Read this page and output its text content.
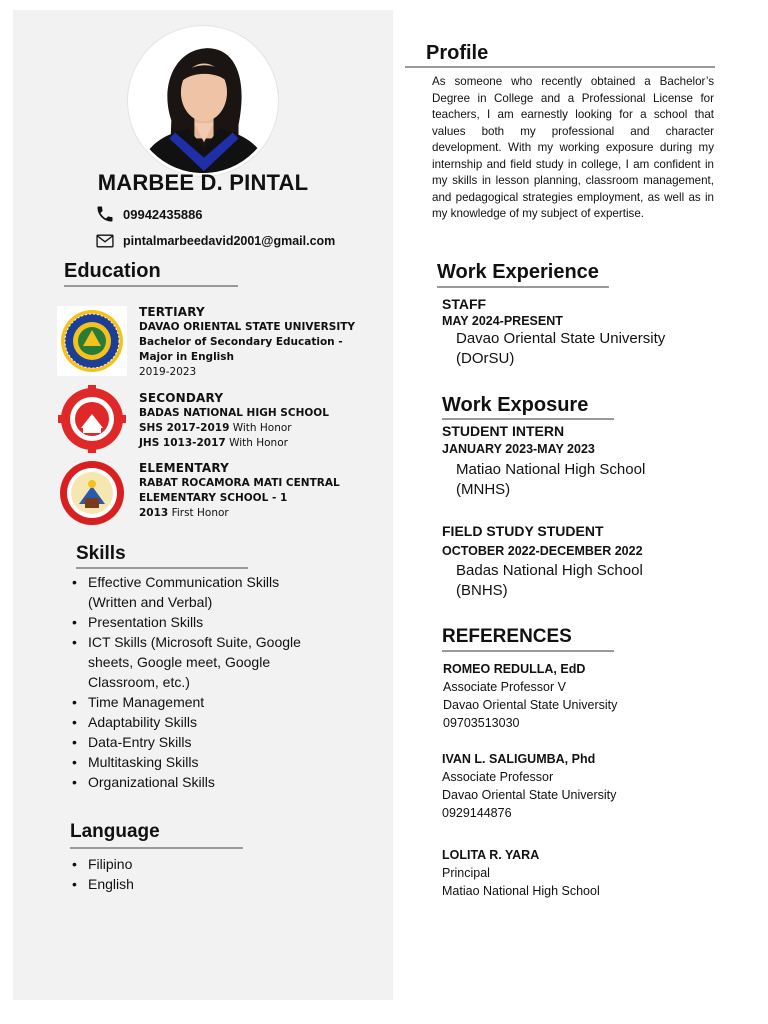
MARBEE D. PINTAL
09942435886
pintalmarbeedavid2001@gmail.com
Education
TERTIARY
DAVAO ORIENTAL STATE UNIVERSITY
Bachelor of Secondary Education -
Major in English
2019-2023
SECONDARY
BADAS NATIONAL HIGH SCHOOL
SHS 2017-2019 With Honor
JHS 1013-2017 With Honor
ELEMENTARY
RABAT ROCAMORA MATI CENTRAL
ELEMENTARY SCHOOL - 1
2013 First Honor
Skills
• Effective Communication Skills
(Written and Verbal)
• Presentation Skills
• ICT Skills (Microsoft Suite, Google
sheets, Google meet, Google
Classroom, etc.)
• Time Management
• Adaptability Skills
• Data-Entry Skills
• Multitasking Skills
• Organizational Skills
Language
• Filipino
• English
Profile
As someone who recently obtained a Bachelor’s Degree in College and a Professional License for teachers, I am earnestly looking for a school that values both my professional and character development. With my working exposure during my internship and field study in college, I am confident in my skills in lesson planning, classroom management, and pedagogical strategies employment, as well as in my knowledge of my subject of expertise.
Work Experience
STAFF
MAY 2024-PRESENT
Davao Oriental State University
(DOrSU)
Work Exposure
STUDENT INTERN
JANUARY 2023-MAY 2023
Matiao National High School
(MNHS)
FIELD STUDY STUDENT
OCTOBER 2022-DECEMBER 2022
Badas National High School
(BNHS)
REFERENCES
ROMEO REDULLA, EdD
Associate Professor V
Davao Oriental State University
09703513030
IVAN L. SALIGUMBA, Phd
Associate Professor
Davao Oriental State University
0929144876
LOLITA R. YARA
Principal
Matiao National High School
